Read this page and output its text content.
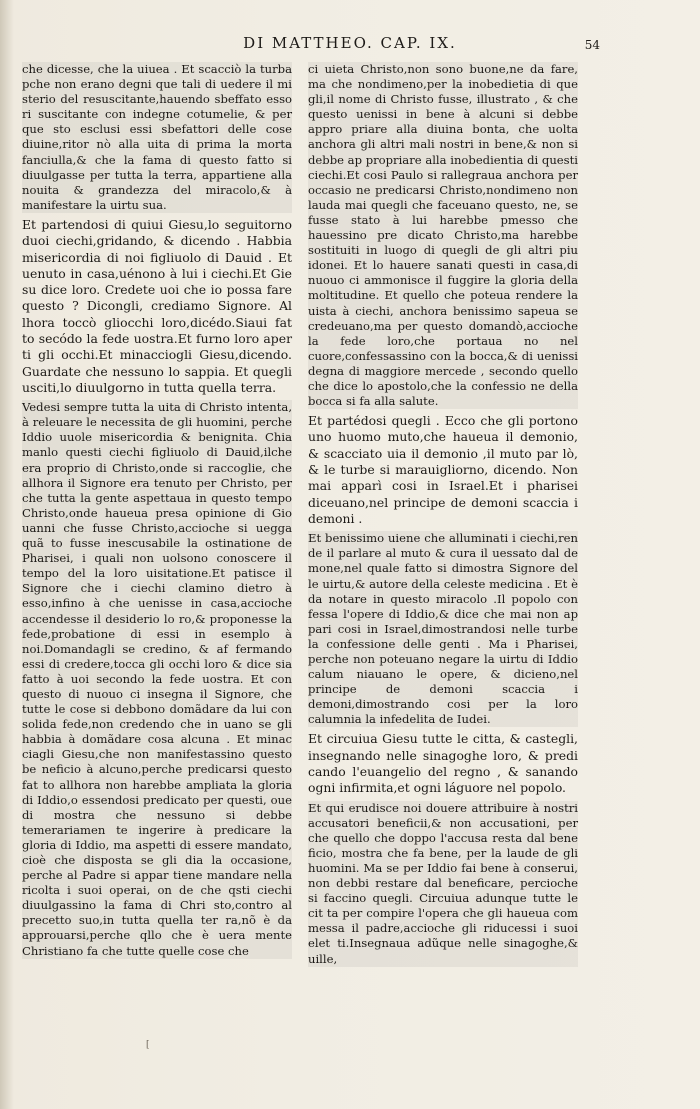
DI MATTHEO. CAP. IX.	54

che dicesse, che la uiuea . Et scacciò la turba pche non erano degni que tali di uedere il mi sterio del resuscitante,hauendo sbeffato esso ri suscitante con indegne cotumelie, & per que sto esclusi essi sbefattori delle cose diuine,ritor nò alla uita di prima la morta fanciulla,& che la fama di questo fatto si diuulgasse per tutta la terra, appartiene alla nouita & grandezza del miracolo,& à manifestare la uirtu sua.

Et partendosi di quiui Giesu,lo seguitorno duoi ciechi,gridando, & dicendo . Habbia misericordia di noi figliuolo di Dauid . Et uenuto in casa,uénono à lui i ciechi.Et Gie su dice loro. Credete uoi che io possa fare questo ? Dicongli, crediamo Signore. Al lhora toccò gliocchi loro,dicédo.Siaui fat to secódo la fede uostra.Et furno loro aper ti gli occhi.Et minacciogli Giesu,dicendo. Guardate che nessuno lo sappia. Et quegli usciti,lo diuulgorno in tutta quella terra.

Vedesi sempre tutta la uita di Christo intenta, à releuare le necessita de gli huomini, perche Iddio uuole misericordia & benignita. Chia manlo questi ciechi figliuolo di Dauid,ilche era proprio di Christo,onde si raccoglie, che allhora il Signore era tenuto per Christo, per che tutta la gente aspettaua in questo tempo Christo,onde haueua presa opinione di Gio uanni che fusse Christo,accioche si uegga quã to fusse inescusabile la ostinatione de Pharisei, i quali non uolsono conoscere il tempo del la loro uisitatione.Et patisce il Signore che i ciechi clamino dietro à esso,infino à che uenisse in casa,accioche accendesse il desiderio lo ro,& proponesse la fede,probatione di essi in esemplo à noi.Domandagli se credino, & af fermando essi di credere,tocca gli occhi loro & dice sia fatto à uoi secondo la fede uostra. Et con questo di nuouo ci insegna il Signore, che tutte le cose si debbono domãdare da lui con solida fede,non credendo che in uano se gli habbia à domãdare cosa alcuna . Et minac ciagli Giesu,che non manifestassino questo be neficio à alcuno,perche predicarsi questo fat to allhora non harebbe ampliata la gloria di Iddio,o essendosi predicato per questi, oue di mostra che nessuno si debbe temerariamen te ingerire à predicare la gloria di Iddio, ma aspetti di essere mandato, cioè che disposta se gli dia la occasione, perche al Padre si appar tiene mandare nella ricolta i suoi operai, on de che qsti ciechi diuulgassino la fama di Chri sto,contro al precetto suo,in tutta quella ter ra,nõ è da approuarsi,perche qllo che è uera mente Christiano fa che tutte quelle cose che

ci uieta Christo,non sono buone,ne da fare, ma che nondimeno,per la inobedietia di que gli,il nome di Christo fusse, illustrato , & che questo uenissi in bene à alcuni si debbe appro priare alla diuina bonta, che uolta anchora gli altri mali nostri in bene,& non si debbe ap propriare alla inobedientia di questi ciechi.Et cosi Paulo si rallegraua anchora per occasio ne predicarsi Christo,nondimeno non lauda mai quegli che faceuano questo, ne, se fusse stato à lui harebbe pmesso che hauessino pre dicato Christo,ma harebbe sostituiti in luogo di quegli de gli altri piu idonei. Et lo hauere sanati questi in casa,di nuouo ci ammonisce il fuggire la gloria della moltitudine. Et quello che poteua rendere la uista à ciechi, anchora benissimo sapeua se credeuano,ma per questo domandò,accioche la fede loro,che portaua no nel cuore,confessassino con la bocca,& di uenissi degna di maggiore mercede , secondo quello che dice lo apostolo,che la confessio ne della bocca si fa alla salute.

Et partédosi quegli . Ecco che gli portono uno huomo muto,che haueua il demonio, & scacciato uia il demonio ,il muto par lò, & le turbe si marauigliorno, dicendo. Non mai apparì cosi in Israel.Et i pharisei diceuano,nel principe de demoni scaccia i demoni .

Et benissimo uiene che alluminati i ciechi,ren de il parlare al muto & cura il uessato dal de mone,nel quale fatto si dimostra Signore del le uirtu,& autore della celeste medicina . Et è da notare in questo miracolo .Il popolo con fessa l'opere di Iddio,& dice che mai non ap pari cosi in Israel,dimostrandosi nelle turbe la confessione delle genti . Ma i Pharisei, perche non poteuano negare la uirtu di Iddio calum niauano le opere, & dicieno,nel principe de demoni scaccia i demoni,dimostrando cosi per la loro calumnia la infedelita de Iudei.

Et circuiua Giesu tutte le citta, & castegli, insegnando nelle sinagoghe loro, & predi cando l'euangelio del regno , & sanando ogni infirmita,et ogni láguore nel popolo.

Et qui erudisce noi douere attribuire à nostri accusatori beneficii,& non accusationi, per che quello che doppo l'accusa resta dal bene ficio, mostra che fa bene, per la laude de gli huomini. Ma se per Iddio fai bene à conserui, non debbi restare dal beneficare, percioche si faccino quegli. Circuiua adunque tutte le cit ta per compire l'opera che gli haueua com messa il padre,accioche gli riducessi i suoi elet ti.Insegnaua adũque nelle sinagoghe,& uille,

[
